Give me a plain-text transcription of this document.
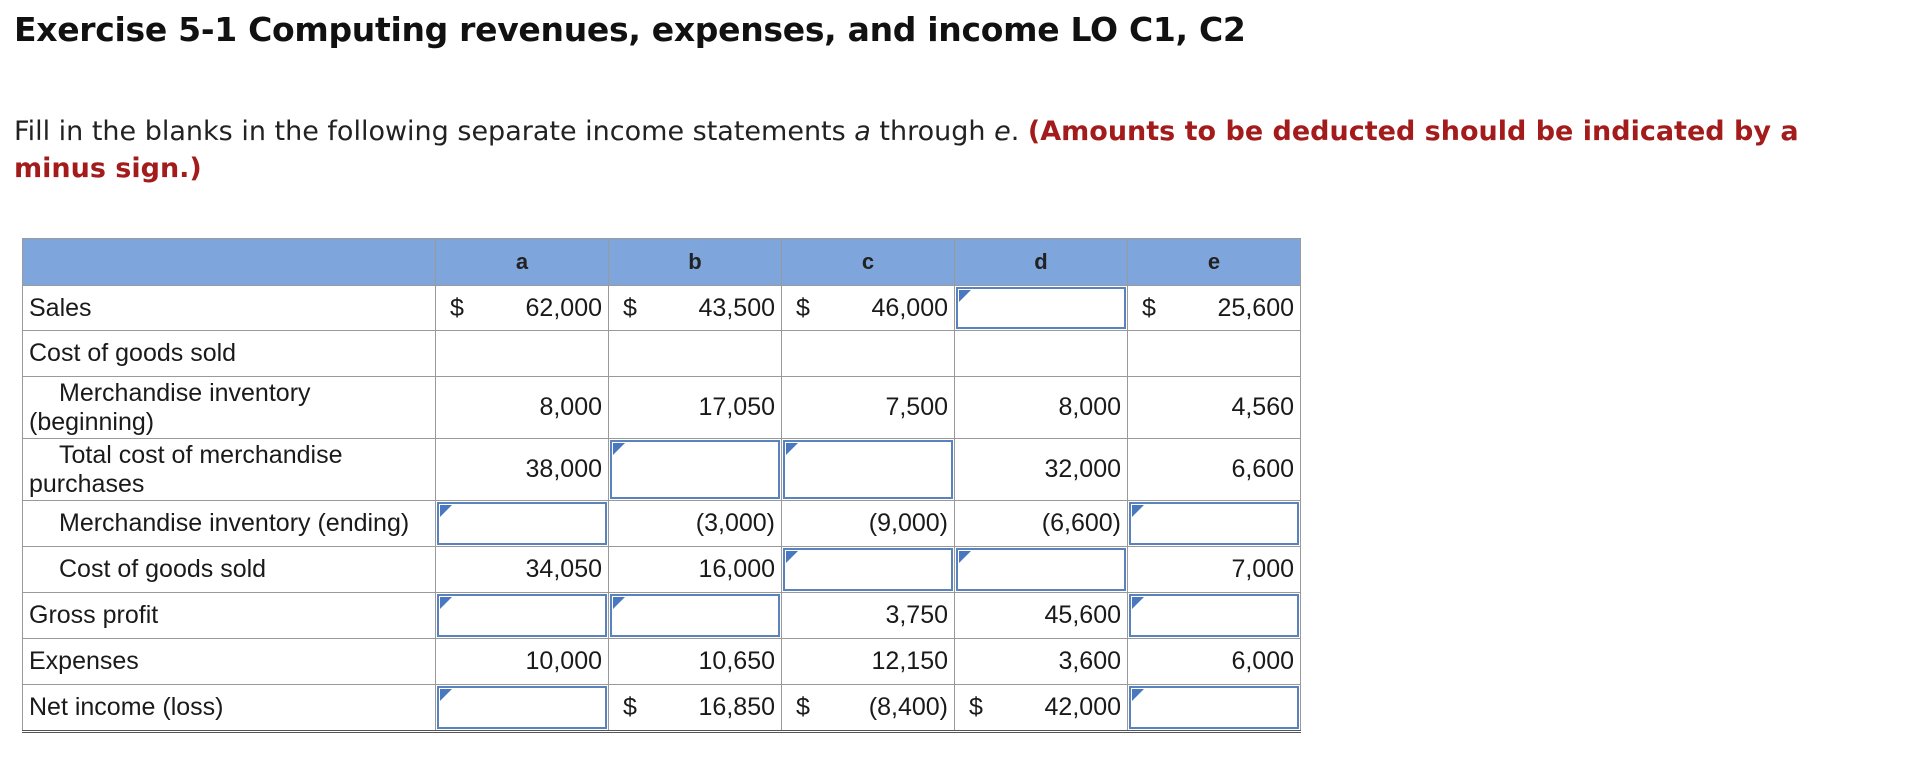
Exercise 5-1 Computing revenues, expenses, and income LO C1, C2

Fill in the blanks in the following separate income statements a through e. (Amounts to be deducted should be indicated by a minus sign.)

	a	b	c	d	e
Sales	$ 62,000	$ 43,500	$ 46,000		$ 25,600

Cost of goods sold	

Merchandise inventory (beginning)	8,000	17,050	7,500	8,000	4,560

Total cost of merchandise purchases	38,000			32,000	6,600

Merchandise inventory (ending)		(3,000)	(9,000)	(6,600)	

Cost of goods sold	34,050	16,000			7,000

Gross profit			3,750	45,600	

Expenses	10,000	10,650	12,150	3,600	6,000

Net income (loss)		$ 16,850	$ (8,400)	$ 42,000	
